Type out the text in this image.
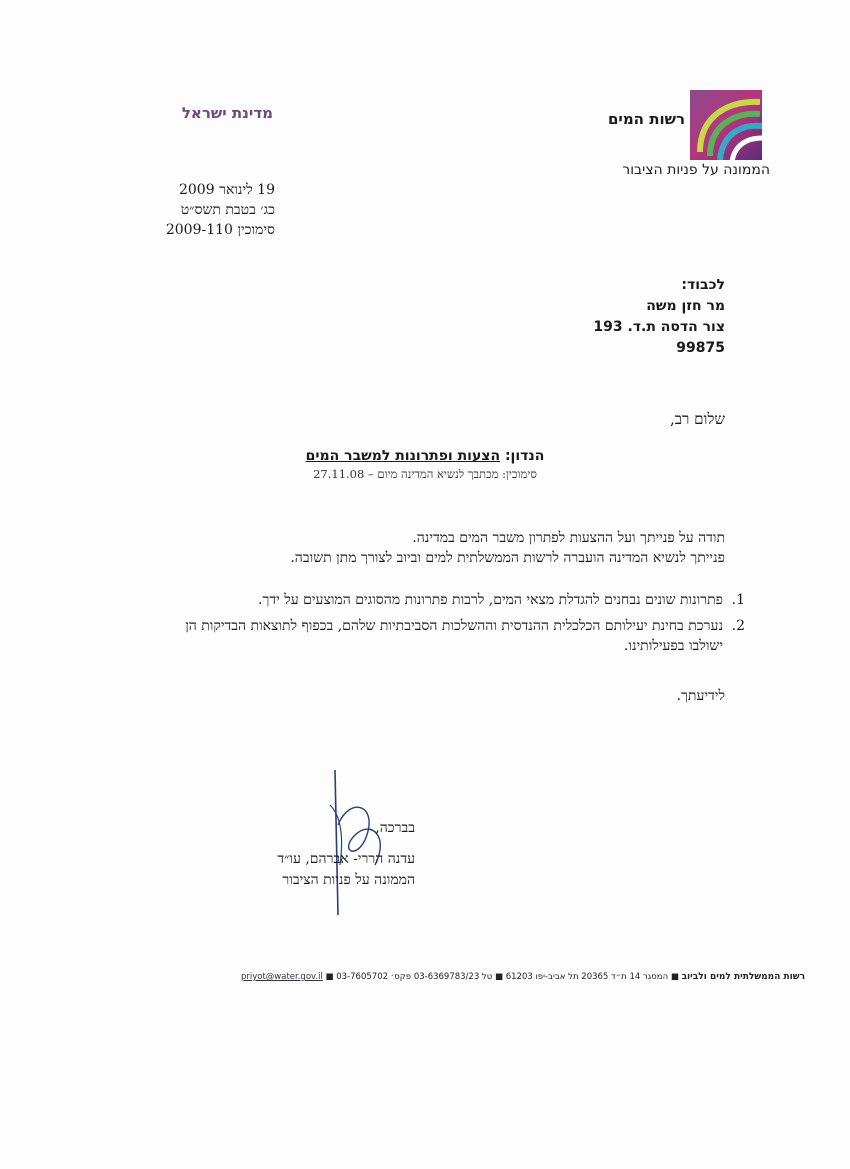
רשות המים
הממונה על פניות הציבור
מדינת ישראל
19 לינואר 2009
כג׳ בטבת תשס״ט
סימוכין 2009-110
לכבוד:
מר חזן משה
צור הדסה ת.ד. 193
99875
שלום רב,
הנדון: הצעות ופתרונות למשבר המים
סימוכין: מכתבך לנשיא המדינה מיום – 27.11.08
תודה על פנייתך ועל ההצעות לפתרון משבר המים במדינה.
פנייתך לנשיא המדינה הועברה לרשות הממשלתית למים וביוב לצורך מתן תשובה.
1.
פתרונות שונים נבחנים להגדלת מצאי המים, לרבות פתרונות מהסוגים המוצעים על ידך.
2.
נערכת בחינת יעילותם הכלכלית ההנדסית וההשלכות הסביבתיות שלהם, בכפוף לתוצאות הבדיקות הן ישולבו בפעילותינו.
לידיעתך.
בברכה,
עדנה הררי- אברהם, עו״ד
הממונה על פניות הציבור
רשות הממשלתית למים ולביוב ■ המסגר 14 ת״ד 20365 תל אביב-יפו 61203 ■ טל 03-6369783/23 פקס׳ 03-7605702 ■ priyot@water.gov.il
